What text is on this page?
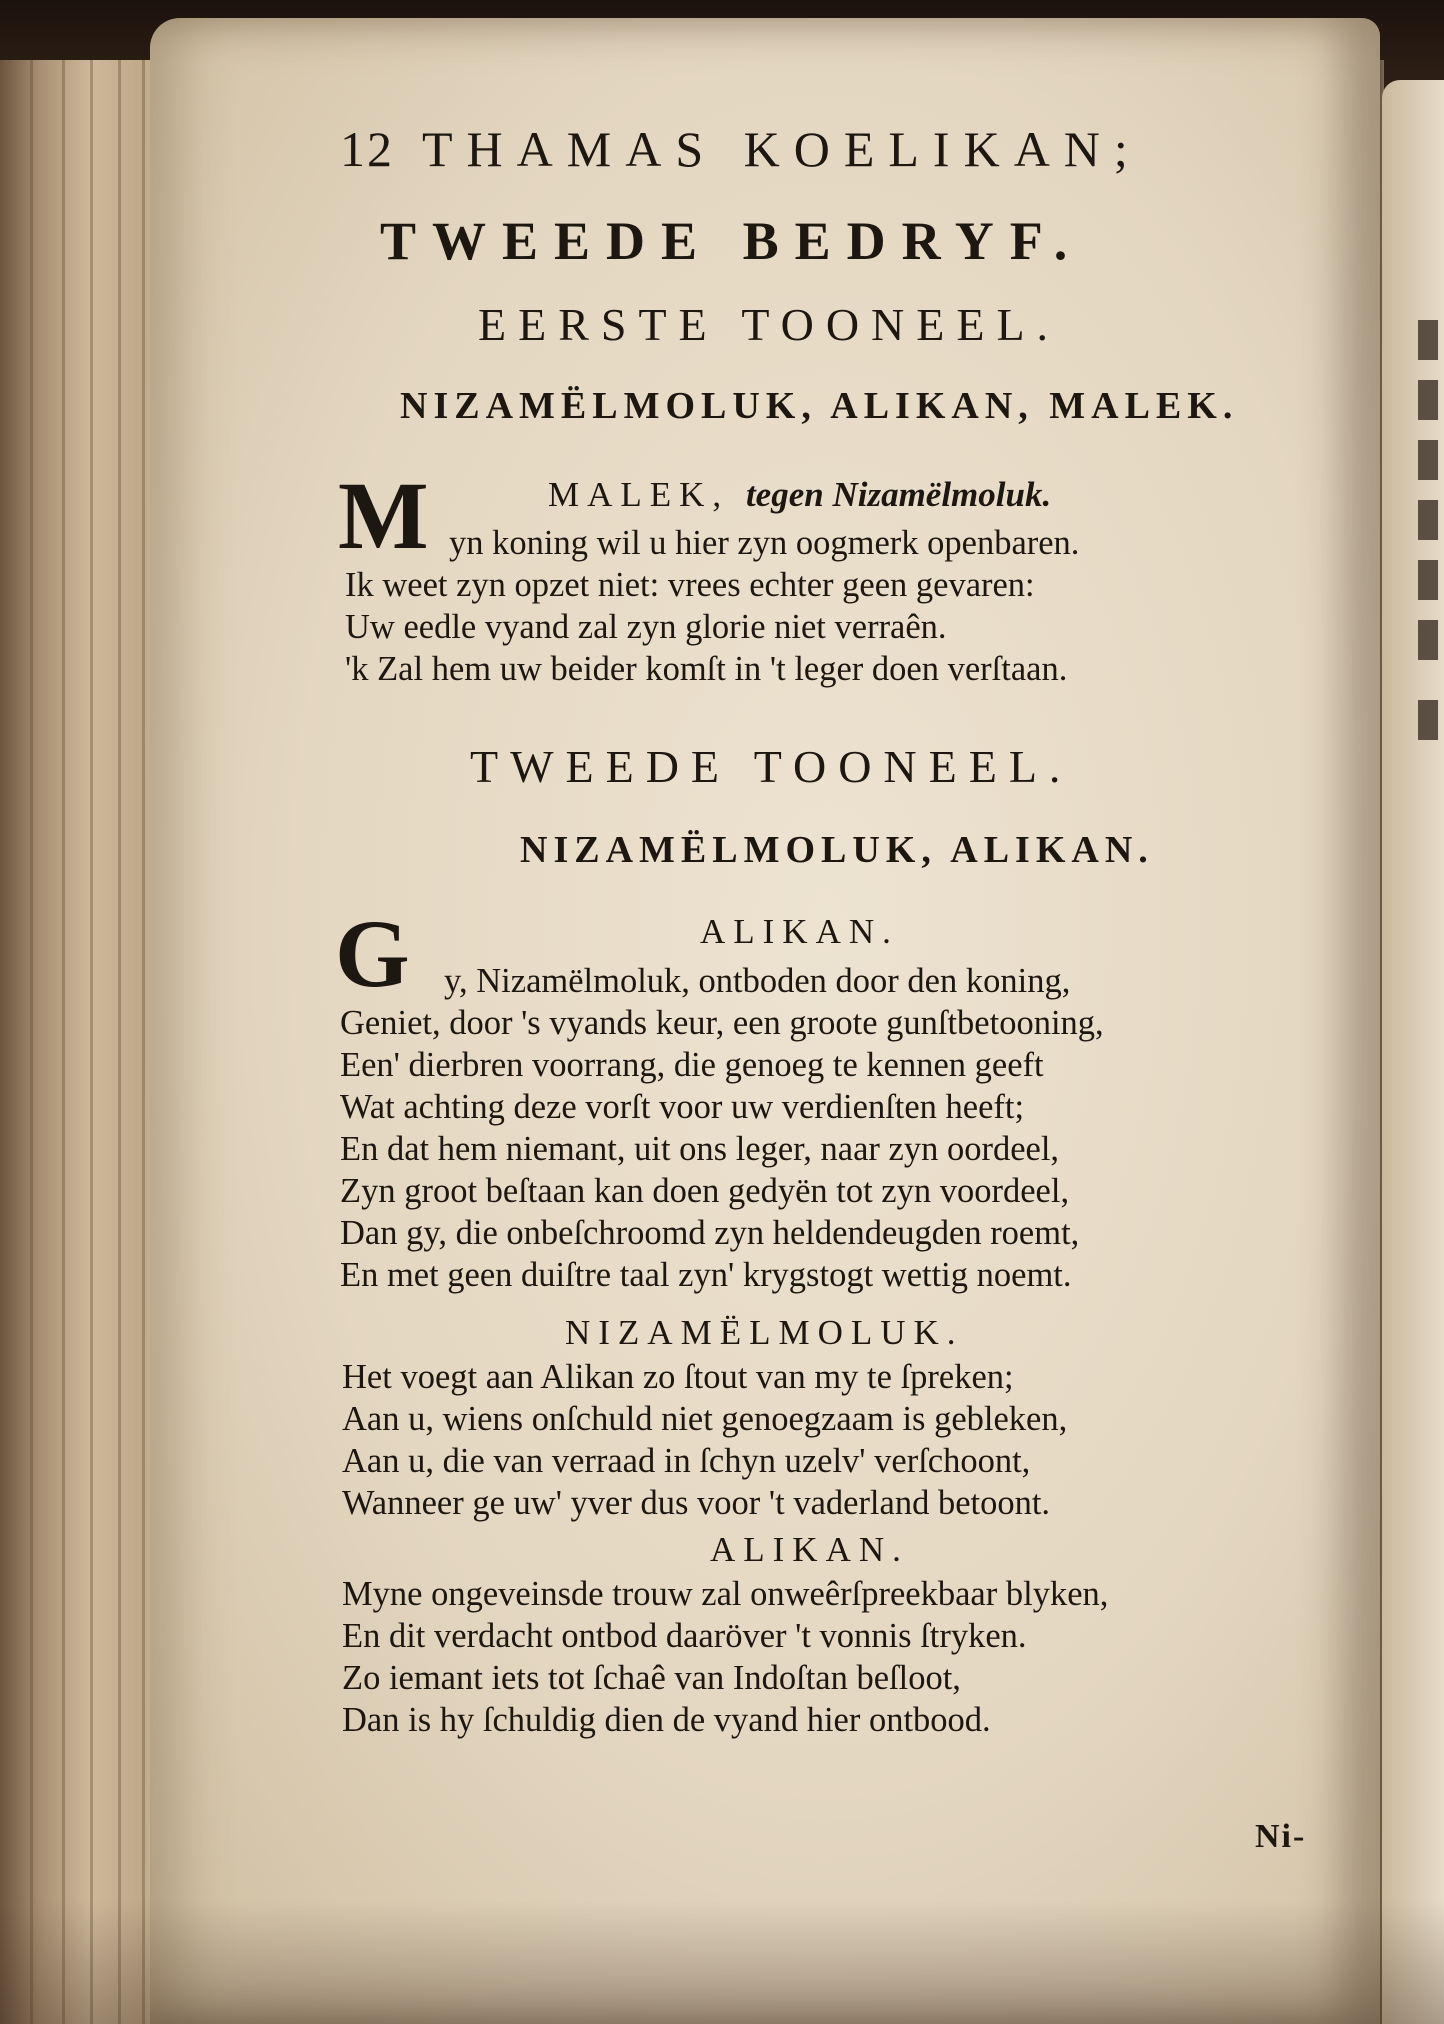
12 THAMAS KOELIKAN;
TWEEDE BEDRYF.
EERSTE TOONEEL.
NIZAMËLMOLUK, ALIKAN, MALEK.
MALEK, tegen Nizamëlmoluk.
M yn koning wil u hier zyn oogmerk openbaren.
Ik weet zyn opzet niet: vrees echter geen gevaren:
Uw eedle vyand zal zyn glorie niet verraên.
'k Zal hem uw beider komſt in 't leger doen verſtaan.
TWEEDE TOONEEL.
NIZAMËLMOLUK, ALIKAN.
ALIKAN.
G y, Nizamëlmoluk, ontboden door den koning,
Geniet, door 's vyands keur, een groote gunſtbetooning,
Een' dierbren voorrang, die genoeg te kennen geeft
Wat achting deze vorſt voor uw verdienſten heeft;
En dat hem niemant, uit ons leger, naar zyn oordeel,
Zyn groot beſtaan kan doen gedyën tot zyn voordeel,
Dan gy, die onbeſchroomd zyn heldendeugden roemt,
En met geen duiſtre taal zyn' krygstogt wettig noemt.
NIZAMËLMOLUK.
Het voegt aan Alikan zo ſtout van my te ſpreken;
Aan u, wiens onſchuld niet genoegzaam is gebleken,
Aan u, die van verraad in ſchyn uzelv' verſchoont,
Wanneer ge uw' yver dus voor 't vaderland betoont.
ALIKAN.
Myne ongeveinsde trouw zal onweêrſpreekbaar blyken,
En dit verdacht ontbod daaröver 't vonnis ſtryken.
Zo iemant iets tot ſchaê van Indoſtan beſloot,
Dan is hy ſchuldig dien de vyand hier ontbood.
Ni-
